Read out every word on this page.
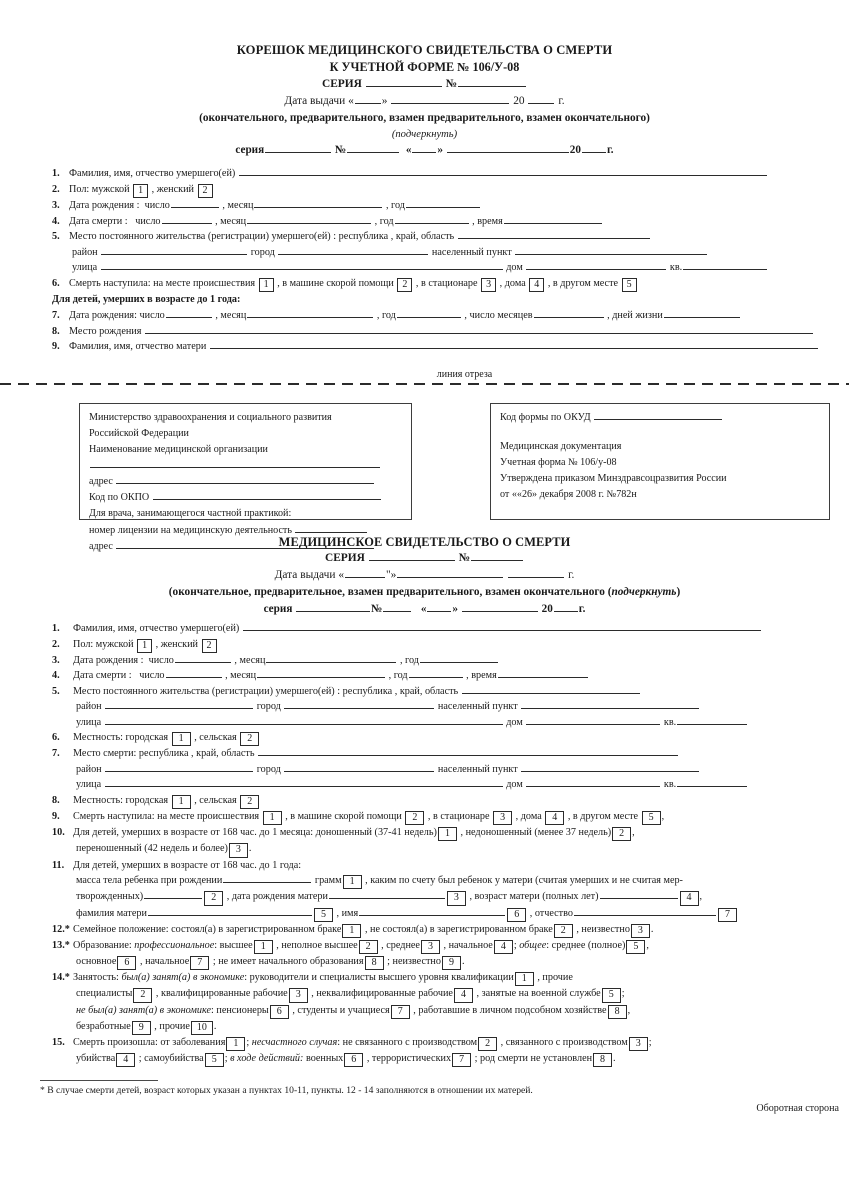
КОРЕШОК МЕДИЦИНСКОГО СВИДЕТЕЛЬСТВА О СМЕРТИ
К УЧЕТНОЙ ФОРМЕ № 106/У-08
СЕРИЯ	№
Дата выдачи « »	20	г.
(окончательного, предварительного, взамен предварительного, взамен окончательного)
(подчеркнуть)
серия	№	« »	20 г.
1. Фамилия, имя, отчество умершего(ей)
2. Пол: мужской 1 , женский 2
3. Дата рождения : число	, месяц	, год
4. Дата смерти : число	, месяц	, год	, время
5. Место постоянного жительства (регистрации) умершего(ей) : республика , край, область
район	город	населенный пункт
улица	дом	кв.
6. Смерть наступила: на месте происшествия 1 , в машине скорой помощи 2 , в стационаре 3 , дома 4 , в другом месте 5
Для детей, умерших в возрасте до 1 года:
7. Дата рождения: число	, месяц	, год	, число месяцев	, дней жизни
8. Место рождения
9. Фамилия, имя, отчество матери
линия отреза
Министерство здравоохранения и социального развития
Российской Федерации
Наименование медицинской организации
адрес
Код по ОКПО
Для врача, занимающегося частной практикой:
номер лицензии на медицинскую деятельность
адрес
Код формы по ОКУД
Медицинская документация
Учетная форма № 106/у-08
Утверждена приказом Минздравсоцразвития России
от ««26» декабря 2008 г. №782н
МЕДИЦИНСКОЕ СВИДЕТЕЛЬСТВО О СМЕРТИ
СЕРИЯ	№
Дата выдачи «	"»	г.
(окончательное, предварительное, взамен предварительного, взамен окончательного (подчеркнуть)
серия	№	« »	20 г.
1.	Фамилия, имя, отчество умершего(ей)
2.	Пол: мужской 1 , женский 2
3.	Дата рождения : число	, месяц	, год
4.	Дата смерти : число	, месяц	, год	, время
5.	Место постоянного жительства (регистрации) умершего(ей) : республика , край, область
район	город	населенный пункт
улица	дом	кв.
6.	Местность: городская 1 , сельская 2
7.	Место смерти: республика , край, область
район	город	населенный пункт
улица	дом	кв.
8.	Местность: городская 1 , сельская 2
9.	Смерть наступила: на месте происшествия 1 , в машине скорой помощи 2 , в стационаре 3 , дома 4 , в другом месте 5 ,
10. Для детей, умерших в возрасте от 168 час. до 1 месяца: доношенный (37-41 недель) 1 , недоношенный (менее 37 недель) 2 ,
переношенный (42 недель и более) 3 .
11. Для детей, умерших в возрасте от 168 час. до 1 года:
масса тела ребенка при рождении	грамм 1 , каким по счету был ребенок у матери (считая умерших и не считая мер-
творожденных)	2 , дата рождения матери	3 , возраст матери (полных лет)	4 ,
фамилия матери	5 , имя	6 , отчество	7
12.* Семейное положение: состоял(а) в зарегистрированном браке 1 , не состоял(а) в зарегистрированном браке 2 , неизвестно 3 .
13.* Образование: профессиональное: высшее 1 , неполное высшее 2 , среднее 3 , начальное 4 ; общее: среднее (полное) 5 ,
основное 6 , начальное 7 ; не имеет начального образования 8 ; неизвестно 9 .
14.* Занятость: был(а) занят(а) в экономике: руководители и специалисты высшего уровня квалификации 1 , прочие
специалисты 2 , квалифицированные рабочие 3 , неквалифицированные рабочие 4 , занятые на военной службе 5 ;
не был(а) занят(а) в экономике: пенсионеры 6 , студенты и учащиеся 7 , работавшие в личном подсобном хозяйстве 8 ,
безработные 9 , прочие 10 .
15. Смерть произошла: от заболевания 1 ; несчастного случая: не связанного с производством 2 , связанного с производством 3 ;
убийства 4 ; самоубийства 5 ; в ходе действий: военных 6 , террористических 7 ; род смерти не установлен 8 .
* В случае смерти детей, возраст которых указан а пунктах 10-11, пункты. 12 - 14 заполняются в отношении их матерей.
Оборотная сторона
